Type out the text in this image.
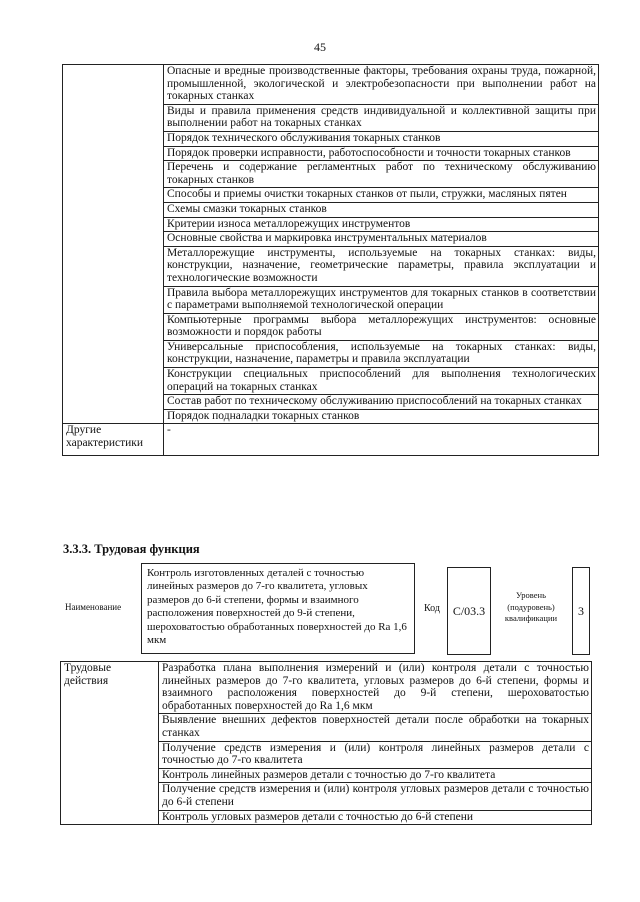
45
	Опасные и вредные производственные факторы, требования охраны труда, пожарной, промышленной, экологической и электробезопасности при выполнении работ на токарных станках
	Виды и правила применения средств индивидуальной и коллективной защиты при выполнении работ на токарных станках
	Порядок технического обслуживания токарных станков
	Порядок проверки исправности, работоспособности и точности токарных станков
	Перечень и содержание регламентных работ по техническому обслуживанию токарных станков
	Способы и приемы очистки токарных станков от пыли, стружки, масляных пятен
	Схемы смазки токарных станков
	Критерии износа металлорежущих инструментов
	Основные свойства и маркировка инструментальных материалов
	Металлорежущие инструменты, используемые на токарных станках: виды, конструкции, назначение, геометрические параметры, правила эксплуатации и технологические возможности
	Правила выбора металлорежущих инструментов для токарных станков в соответствии с параметрами выполняемой технологической операции
	Компьютерные программы выбора металлорежущих инструментов: основные возможности и порядок работы
	Универсальные приспособления, используемые на токарных станках: виды, конструкции, назначение, параметры и правила эксплуатации
	Конструкции специальных приспособлений для выполнения технологических операций на токарных станках
	Состав работ по техническому обслуживанию приспособлений на токарных станках
	Порядок подналадки токарных станков
Другие характеристики	-
3.3.3. Трудовая функция
Наименование
Контроль изготовленных деталей с точностью линейных размеров до 7-го квалитета, угловых размеров до 6-й степени, формы и взаимного расположения поверхностей до 9-й степени, шероховатостью обработанных поверхностей до Ra 1,6 мкм
Код C/03.3
Уровень (подуровень) квалификации
3
Трудовые действия	Разработка плана выполнения измерений и (или) контроля детали с точностью линейных размеров до 7-го квалитета, угловых размеров до 6-й степени, формы и взаимного расположения поверхностей до 9-й степени, шероховатостью обработанных поверхностей до Ra 1,6 мкм
Выявление внешних дефектов поверхностей детали после обработки на токарных станках
Получение средств измерения и (или) контроля линейных размеров детали с точностью до 7-го квалитета
Контроль линейных размеров детали с точностью до 7-го квалитета
Получение средств измерения и (или) контроля угловых размеров детали с точностью до 6-й степени
Контроль угловых размеров детали с точностью до 6-й степени
